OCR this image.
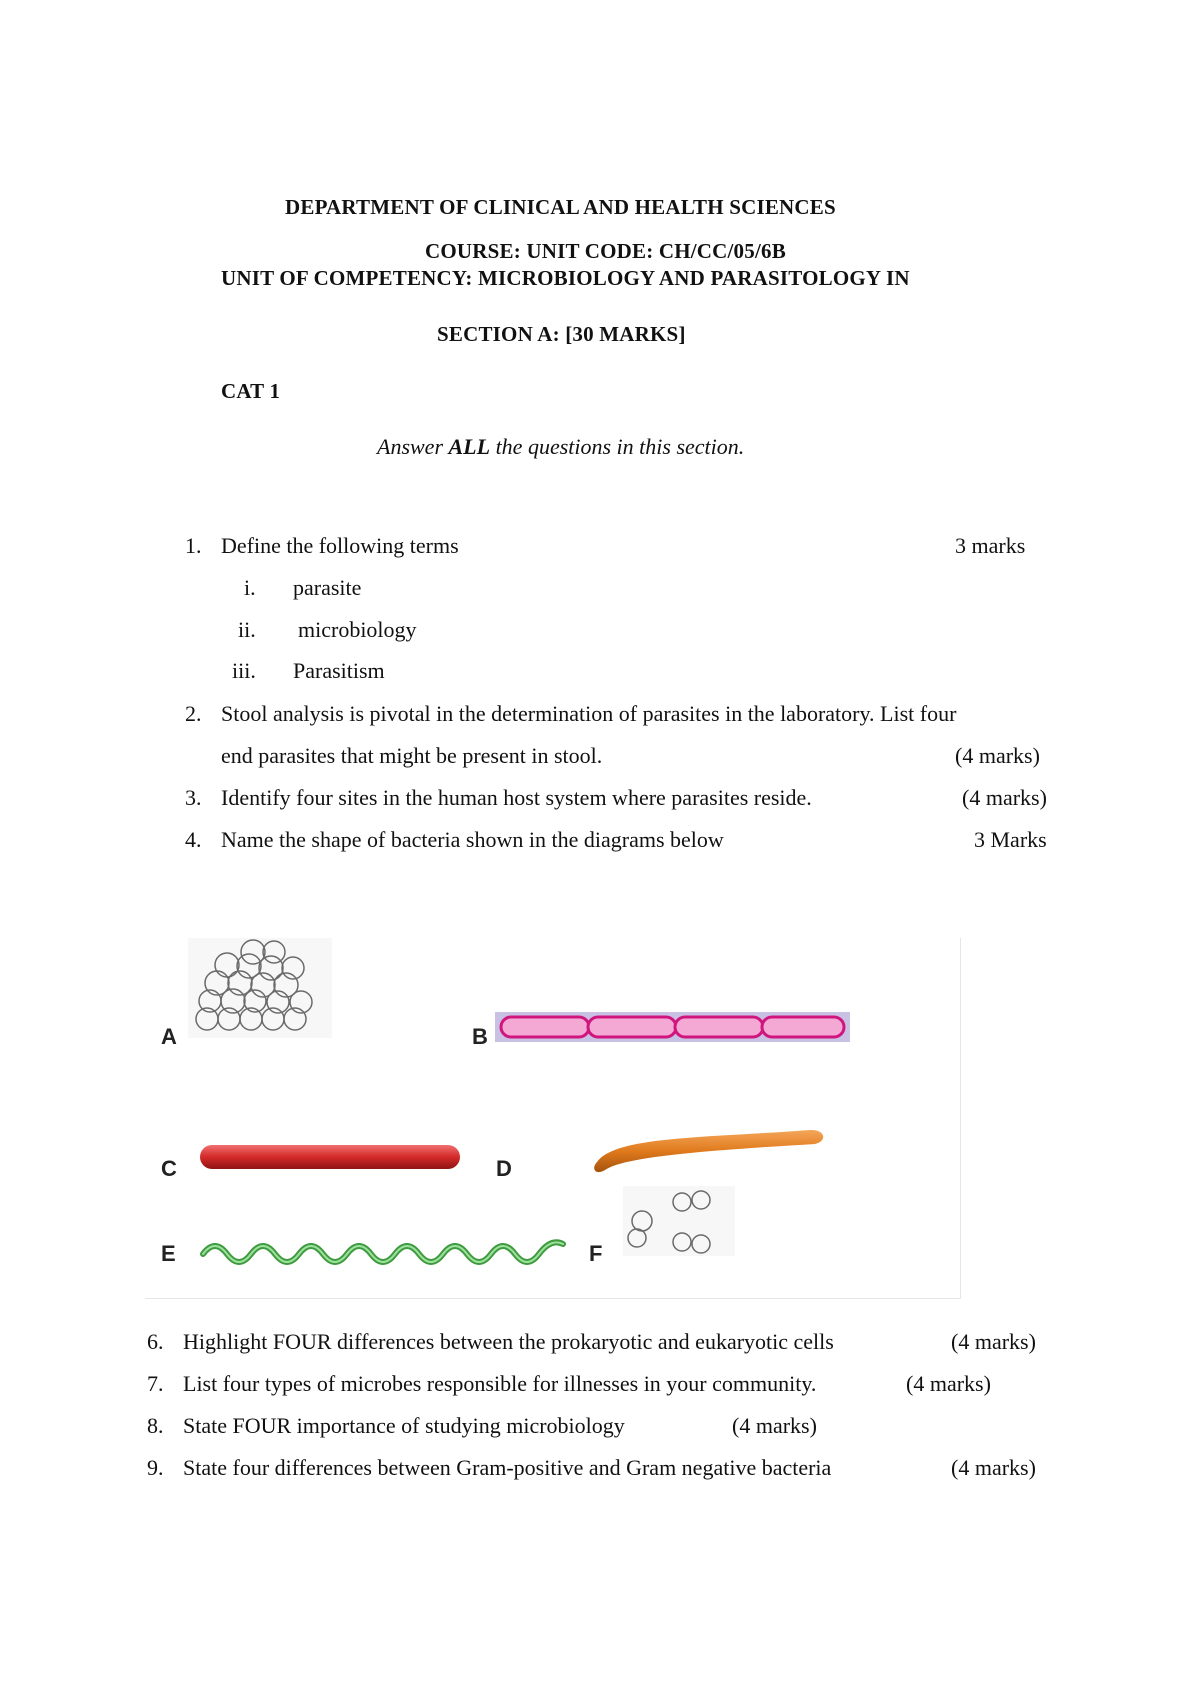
DEPARTMENT OF CLINICAL AND HEALTH SCIENCES
COURSE: UNIT CODE: CH/CC/05/6B
UNIT OF COMPETENCY: MICROBIOLOGY AND PARASITOLOGY IN
SECTION A: [30 MARKS]
CAT 1
Answer ALL the questions in this section.
1. Define the following terms	3 marks
i. parasite
ii. microbiology
iii. Parasitism
2. Stool analysis is pivotal in the determination of parasites in the laboratory. List four
end parasites that might be present in stool.	(4 marks)
3. Identify four sites in the human host system where parasites reside.	(4 marks)
4. Name the shape of bacteria shown in the diagrams below	3 Marks
A	B
C	D
E	F
6. Highlight FOUR differences between the prokaryotic and eukaryotic cells	(4 marks)
7. List four types of microbes responsible for illnesses in your community.	(4 marks)
8. State FOUR importance of studying microbiology	(4 marks)
9. State four differences between Gram-positive and Gram negative bacteria	(4 marks)
